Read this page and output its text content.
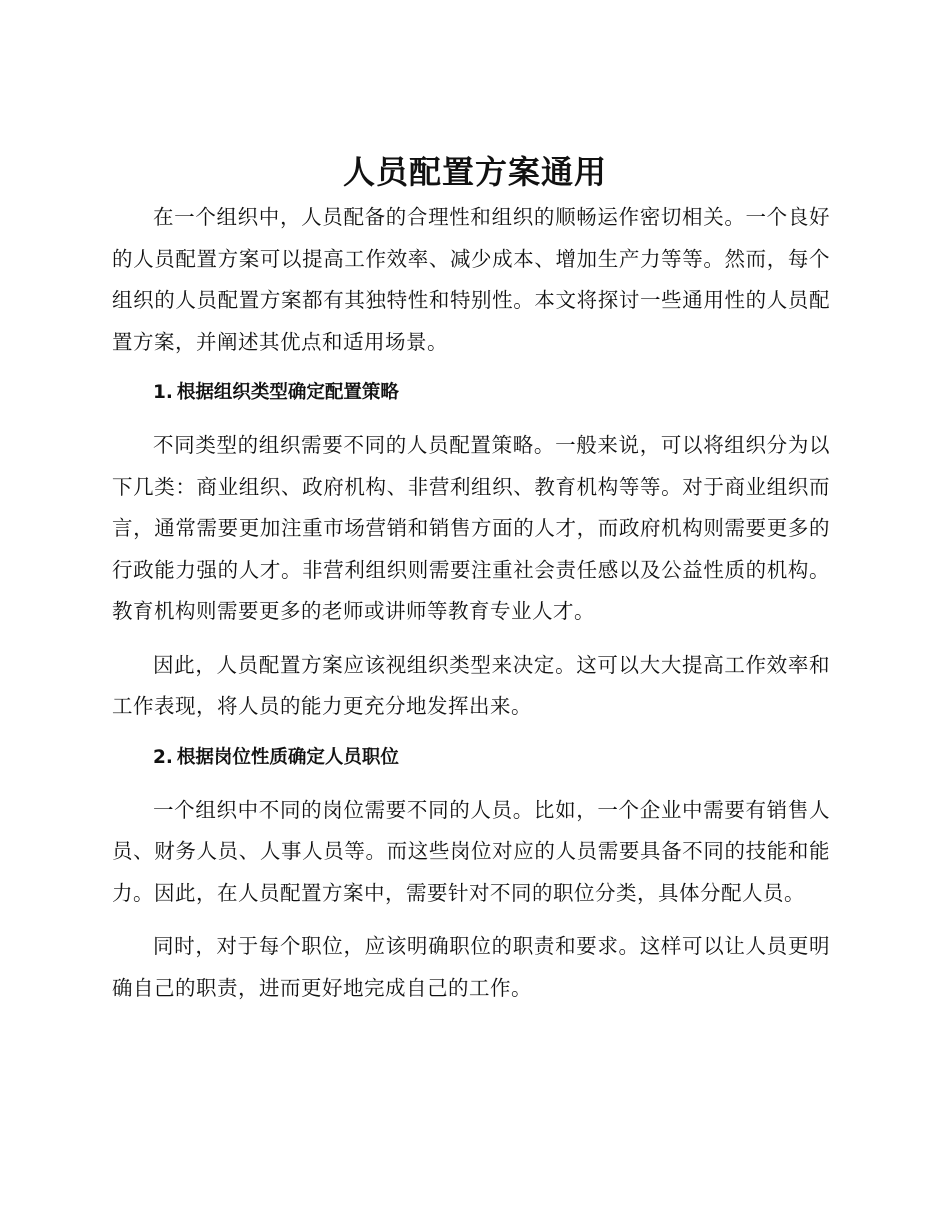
人员配置方案通用

在一个组织中，人员配备的合理性和组织的顺畅运作密切相关。一个良好的人员配置方案可以提高工作效率、减少成本、增加生产力等等。然而，每个组织的人员配置方案都有其独特性和特别性。本文将探讨一些通用性的人员配置方案，并阐述其优点和适用场景。

1. 根据组织类型确定配置策略

不同类型的组织需要不同的人员配置策略。一般来说，可以将组织分为以下几类：商业组织、政府机构、非营利组织、教育机构等等。对于商业组织而言，通常需要更加注重市场营销和销售方面的人才，而政府机构则需要更多的行政能力强的人才。非营利组织则需要注重社会责任感以及公益性质的机构。教育机构则需要更多的老师或讲师等教育专业人才。

因此，人员配置方案应该视组织类型来决定。这可以大大提高工作效率和工作表现，将人员的能力更充分地发挥出来。

2. 根据岗位性质确定人员职位

一个组织中不同的岗位需要不同的人员。比如，一个企业中需要有销售人员、财务人员、人事人员等。而这些岗位对应的人员需要具备不同的技能和能力。因此，在人员配置方案中，需要针对不同的职位分类，具体分配人员。

同时，对于每个职位，应该明确职位的职责和要求。这样可以让人员更明确自己的职责，进而更好地完成自己的工作。
